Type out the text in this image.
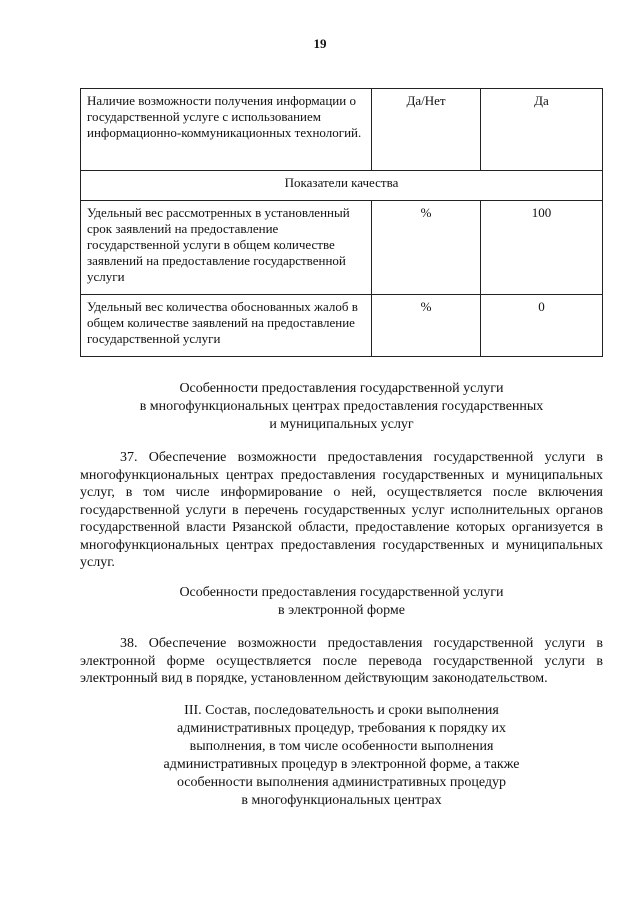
19
Наличие возможности получения информации о государственной услуге с использованием информационно-коммуникационных технологий.	Да/Нет	Да
Показатели качества		
Удельный вес рассмотренных в установленный срок заявлений на предоставление государственной услуги в общем количестве заявлений на предоставление государственной услуги	%	100
Удельный вес количества обоснованных жалоб в общем количестве заявлений на предоставление государственной услуги	%	0
Особенности предоставления государственной услуги
в многофункциональных центрах предоставления государственных
и муниципальных услуг
37. Обеспечение возможности предоставления государственной услуги в многофункциональных центрах предоставления государственных и муниципальных услуг, в том числе информирование о ней, осуществляется после включения государственной услуги в перечень государственных услуг исполнительных органов государственной власти Рязанской области, предоставление которых организуется в многофункциональных центрах предоставления государственных и муниципальных услуг.
Особенности предоставления государственной услуги
в электронной форме
38. Обеспечение возможности предоставления государственной услуги в электронной форме осуществляется после перевода государственной услуги в электронный вид в порядке, установленном действующим законодательством.
III. Состав, последовательность и сроки выполнения
административных процедур, требования к порядку их
выполнения, в том числе особенности выполнения
административных процедур в электронной форме, а также
особенности выполнения административных процедур
в многофункциональных центрах
